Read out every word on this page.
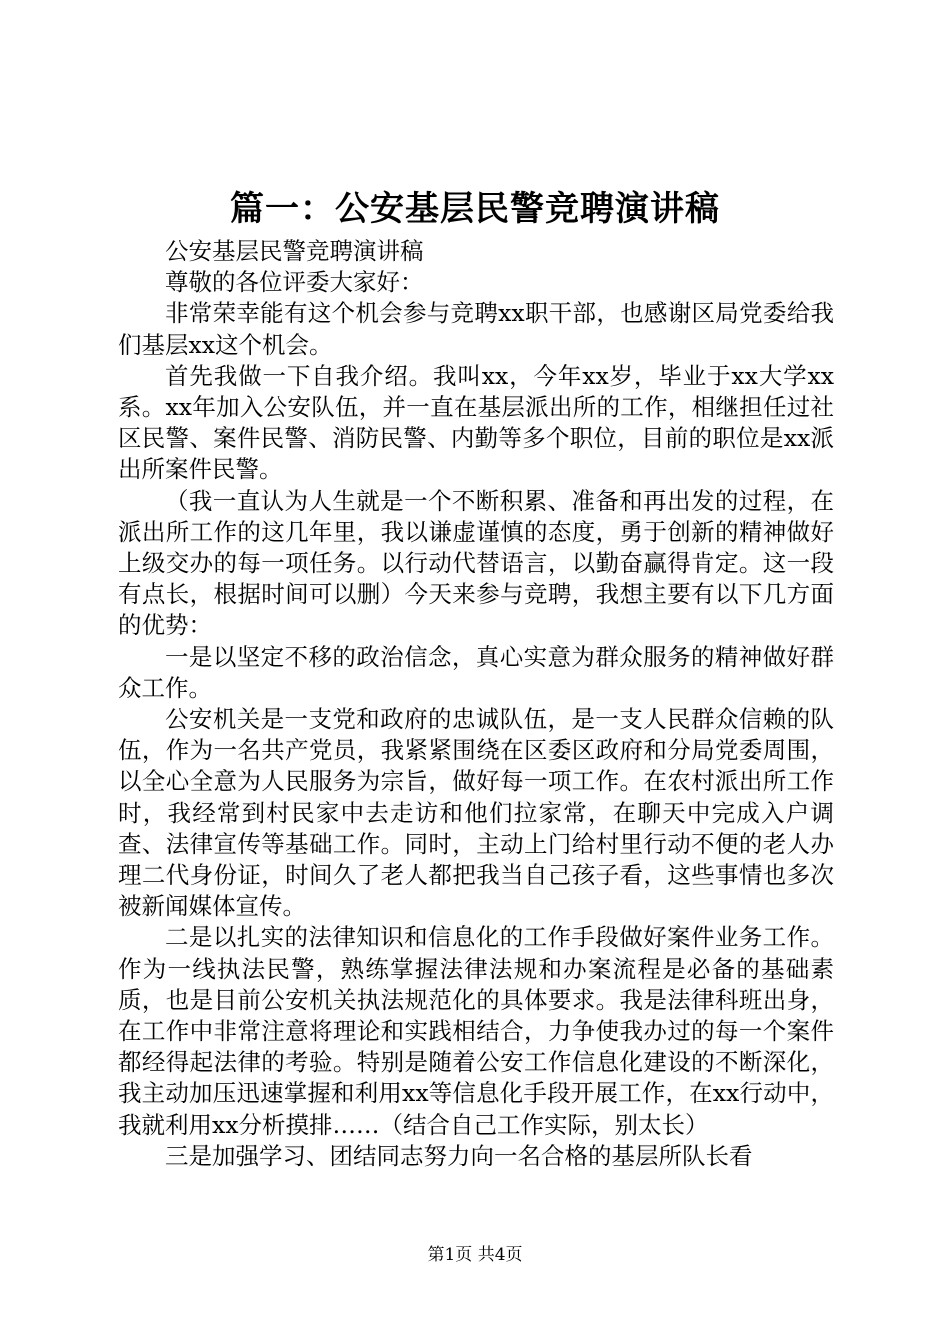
篇一：公安基层民警竞聘演讲稿

公安基层民警竞聘演讲稿

尊敬的各位评委大家好：

非常荣幸能有这个机会参与竞聘xx职干部，也感谢区局党委给我们基层xx这个机会。

首先我做一下自我介绍。我叫xx，今年xx岁，毕业于xx大学xx系。xx年加入公安队伍，并一直在基层派出所的工作，相继担任过社区民警、案件民警、消防民警、内勤等多个职位，目前的职位是xx派出所案件民警。

（我一直认为人生就是一个不断积累、准备和再出发的过程，在派出所工作的这几年里，我以谦虚谨慎的态度，勇于创新的精神做好上级交办的每一项任务。以行动代替语言，以勤奋赢得肯定。这一段有点长，根据时间可以删）今天来参与竞聘，我想主要有以下几方面的优势：

一是以坚定不移的政治信念，真心实意为群众服务的精神做好群众工作。

公安机关是一支党和政府的忠诚队伍，是一支人民群众信赖的队伍，作为一名共产党员，我紧紧围绕在区委区政府和分局党委周围，以全心全意为人民服务为宗旨，做好每一项工作。在农村派出所工作时，我经常到村民家中去走访和他们拉家常，在聊天中完成入户调查、法律宣传等基础工作。同时，主动上门给村里行动不便的老人办理二代身份证，时间久了老人都把我当自己孩子看，这些事情也多次被新闻媒体宣传。

二是以扎实的法律知识和信息化的工作手段做好案件业务工作。作为一线执法民警，熟练掌握法律法规和办案流程是必备的基础素质，也是目前公安机关执法规范化的具体要求。我是法律科班出身，在工作中非常注意将理论和实践相结合，力争使我办过的每一个案件都经得起法律的考验。特别是随着公安工作信息化建设的不断深化，我主动加压迅速掌握和利用xx等信息化手段开展工作，在xx行动中，我就利用xx分析摸排……（结合自己工作实际，别太长）

三是加强学习、团结同志努力向一名合格的基层所队长看

第1页 共4页
